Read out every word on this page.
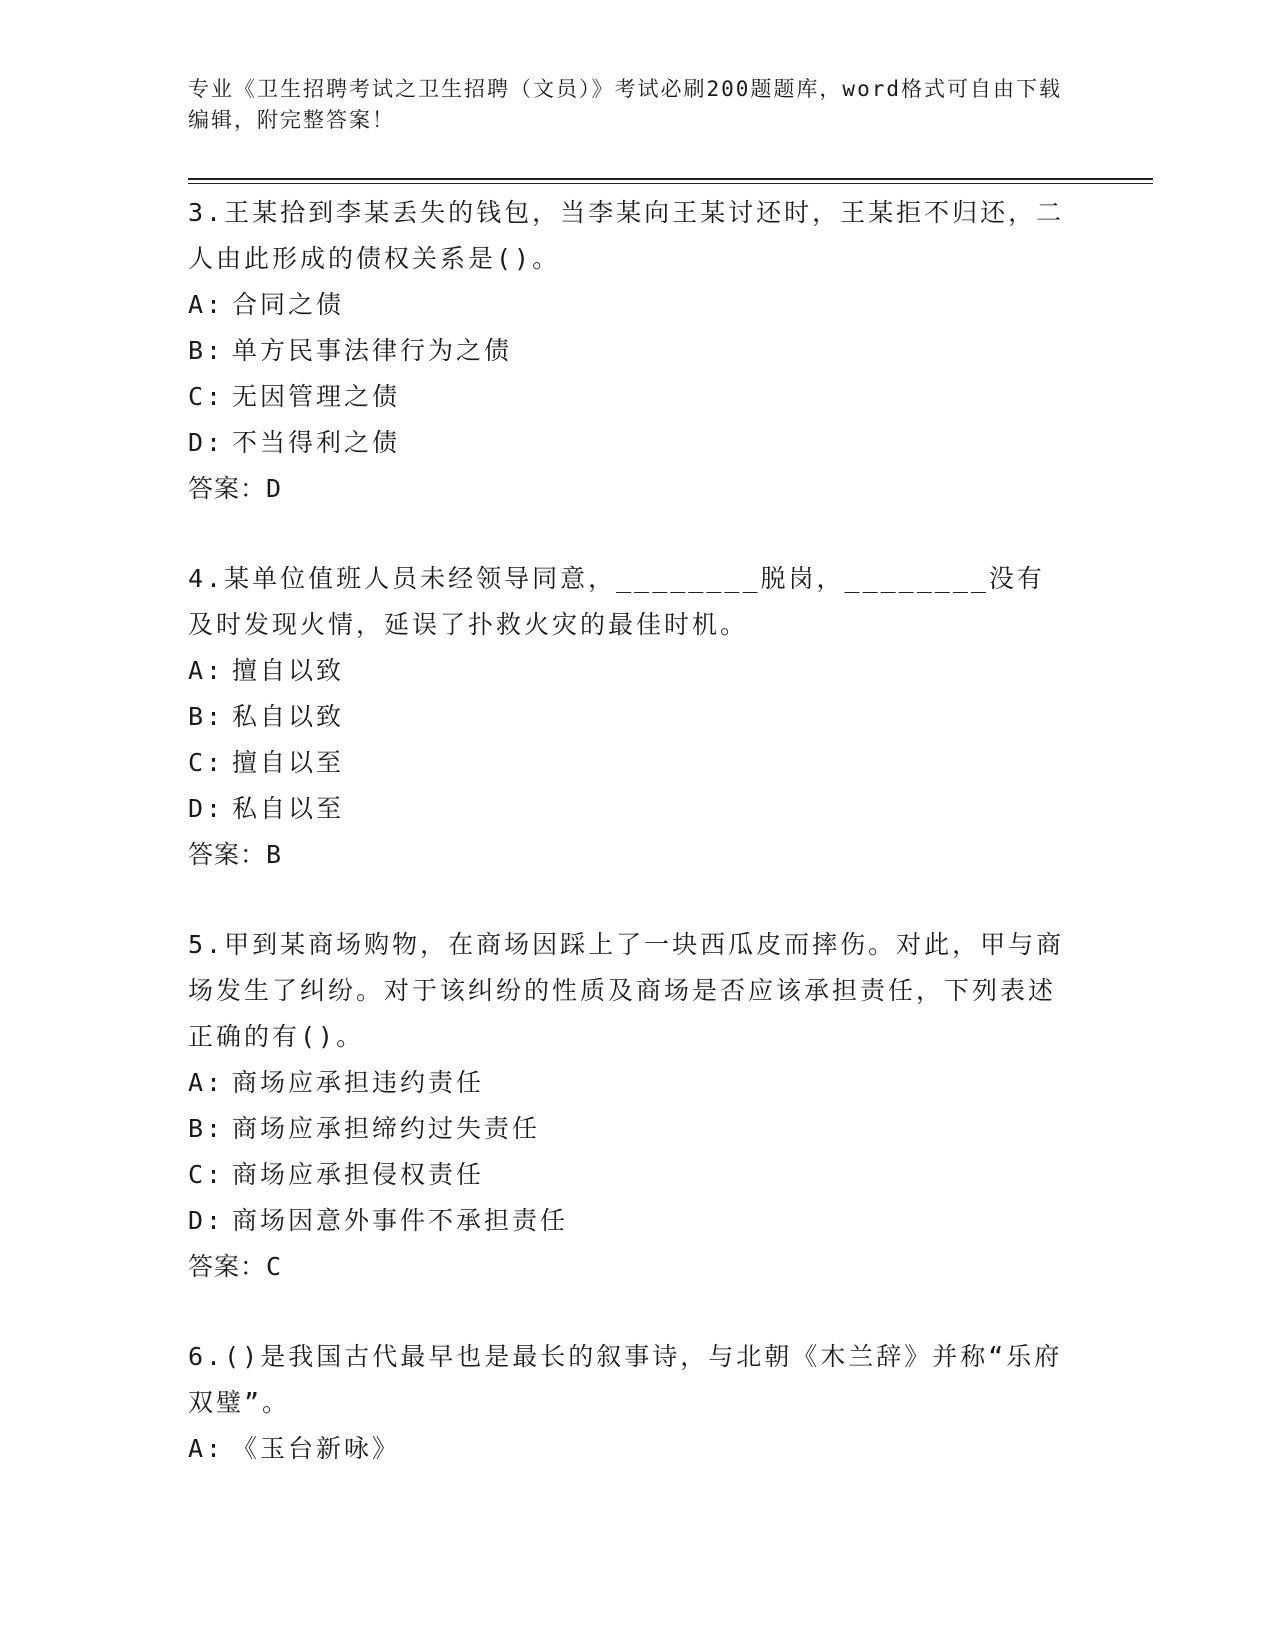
专业《卫生招聘考试之卫生招聘（文员）》考试必刷200题题库，word格式可自由下载编辑，附完整答案！
3.王某拾到李某丢失的钱包，当李某向王某讨还时，王某拒不归还，二人由此形成的债权关系是()。
A: 合同之债
B: 单方民事法律行为之债
C: 无因管理之债
D: 不当得利之债
答案：D
4.某单位值班人员未经领导同意，________脱岗，________没有及时发现火情，延误了扑救火灾的最佳时机。
A: 擅自以致
B: 私自以致
C: 擅自以至
D: 私自以至
答案：B
5.甲到某商场购物，在商场因踩上了一块西瓜皮而摔伤。对此，甲与商场发生了纠纷。对于该纠纷的性质及商场是否应该承担责任，下列表述正确的有()。
A: 商场应承担违约责任
B: 商场应承担缔约过失责任
C: 商场应承担侵权责任
D: 商场因意外事件不承担责任
答案：C
6.()是我国古代最早也是最长的叙事诗，与北朝《木兰辞》并称“乐府双璧”。
A: 《玉台新咏》
